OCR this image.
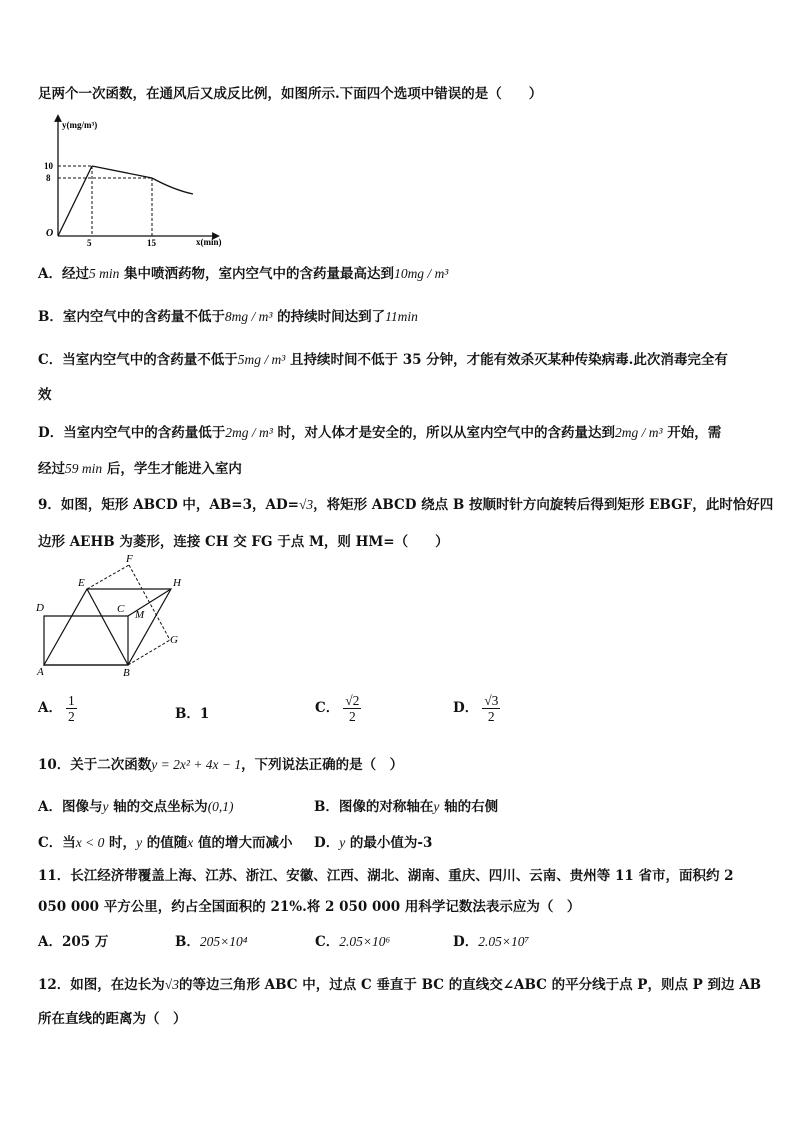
足两个一次函数，在通风后又成反比例，如图所示.下面四个选项中错误的是（　　）
y(mg/m³)
x(min)
O
10
8
5	15
A．经过5 min 集中喷洒药物，室内空气中的含药量最高达到10mg / m³
B．室内空气中的含药量不低于8mg / m³ 的持续时间达到了11min
C．当室内空气中的含药量不低于5mg / m³ 且持续时间不低于 35 分钟，才能有效杀灭某种传染病毒.此次消毒完全有
效
D．当室内空气中的含药量低于2mg / m³ 时，对人体才是安全的，所以从室内空气中的含药量达到2mg / m³ 开始，需
经过59 min 后，学生才能进入室内
9．如图，矩形 ABCD 中，AB=3，AD=√3，将矩形 ABCD 绕点 B 按顺时针方向旋转后得到矩形 EBGF，此时恰好四
边形 AEHB 为菱形，连接 CH 交 FG 于点 M，则 HM=（　　）
D
E
F
H
C M
G
A	B
A． $\frac{1}{2}$	B．1	C． $\frac{√2}{2}$	D． $\frac{√3}{2}$
10．关于二次函数y = 2x² + 4x − 1，下列说法正确的是（　）
A．图像与y 轴的交点坐标为(0,1)	B．图像的对称轴在y 轴的右侧
C．当x < 0 时，y 的值随x 值的增大而减小 D．y 的最小值为-3
11．长江经济带覆盖上海、江苏、浙江、安徽、江西、湖北、湖南、重庆、四川、云南、贵州等 11 省市，面积约 2
050 000 平方公里，约占全国面积的 21%.将 2 050 000 用科学记数法表示应为（　）
A．205 万	B．205×10⁴	C．2.05×10⁶	D．2.05×10⁷
12．如图，在边长为√3的等边三角形 ABC 中，过点 C 垂直于 BC 的直线交∠ABC 的平分线于点 P，则点 P 到边 AB
所在直线的距离为（　）
